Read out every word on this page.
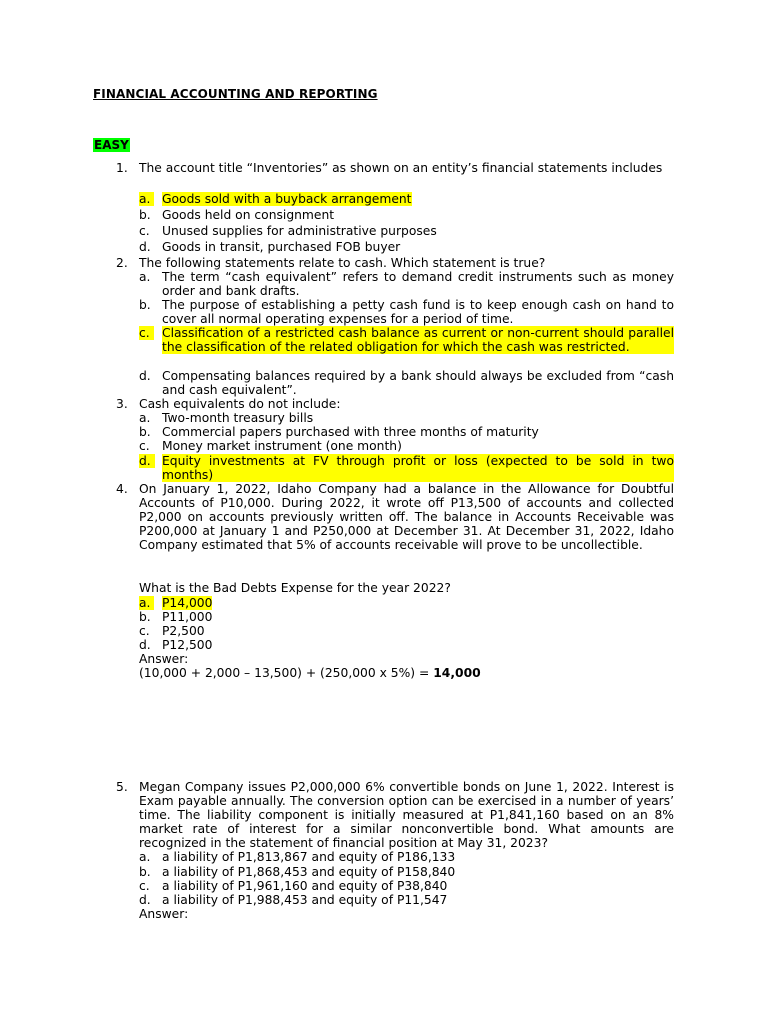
FINANCIAL ACCOUNTING AND REPORTING
EASY
1. The account title “Inventories” as shown on an entity’s financial statements includes
a. Goods sold with a buyback arrangement
b. Goods held on consignment
c.	Unused supplies for administrative purposes
d. Goods in transit, purchased FOB buyer
2. The following statements relate to cash. Which statement is true?
a. The term “cash equivalent” refers to demand credit instruments such as money order and bank drafts.
b. The purpose of establishing a petty cash fund is to keep enough cash on hand to cover all normal operating expenses for a period of time.
c.	Classification of a restricted cash balance as current or non-current should parallel the classification of the related obligation for which the cash was restricted.
d. Compensating balances required by a bank should always be excluded from “cash and cash equivalent”.
3. Cash equivalents do not include:
a. Two-month treasury bills
b. Commercial papers purchased with three months of maturity
c.	Money market instrument (one month)
d. Equity investments at FV through profit or loss (expected to be sold in two months)
4. On January 1, 2022, Idaho Company had a balance in the Allowance for Doubtful Accounts of P10,000. During 2022, it wrote off P13,500 of accounts and collected P2,000 on accounts previously written off. The balance in Accounts Receivable was P200,000 at January 1 and P250,000 at December 31. At December 31, 2022, Idaho Company estimated that 5% of accounts receivable will prove to be uncollectible.
What is the Bad Debts Expense for the year 2022?
a. P14,000
b. P11,000
c.	P2,500
d. P12,500
Answer:
(10,000 + 2,000 – 13,500) + (250,000 x 5%) = 14,000
5. Megan Company issues P2,000,000 6% convertible bonds on June 1, 2022. Interest is Exam payable annually. The conversion option can be exercised in a number of years’ time. The liability component is initially measured at P1,841,160 based on an 8% market rate of interest for a similar nonconvertible bond. What amounts are recognized in the statement of financial position at May 31, 2023?
a. a liability of P1,813,867 and equity of P186,133
b. a liability of P1,868,453 and equity of P158,840
c.	a liability of P1,961,160 and equity of P38,840
d. a liability of P1,988,453 and equity of P11,547
Answer:
